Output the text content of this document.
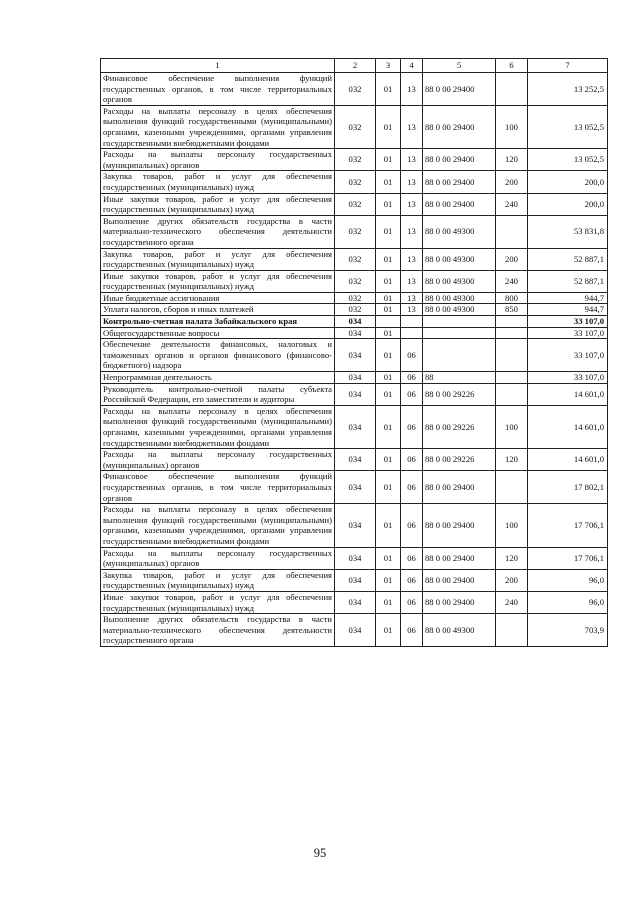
1	2	3	4	5	6	7
Финансовое обеспечение выполнения функций государственных органов, в том числе территориальных органов	032	01	13	88 0 00 29400		13 252,5
Расходы на выплаты персоналу в целях обеспечения выполнения функций государственными (муниципальными) органами, казенными учреждениями, органами управления государственными внебюджетными фондами	032	01	13	88 0 00 29400	100	13 052,5
Расходы на выплаты персоналу государственных (муниципальных) органов	032	01	13	88 0 00 29400	120	13 052,5
Закупка товаров, работ и услуг для обеспечения государственных (муниципальных) нужд	032	01	13	88 0 00 29400	200	200,0
Иные закупки товаров, работ и услуг для обеспечения государственных (муниципальных) нужд	032	01	13	88 0 00 29400	240	200,0
Выполнение других обязательств государства в части материально-технического обеспечения деятельности государственного органа	032	01	13	88 0 00 49300		53 831,8
Закупка товаров, работ и услуг для обеспечения государственных (муниципальных) нужд	032	01	13	88 0 00 49300	200	52 887,1
Иные закупки товаров, работ и услуг для обеспечения государственных (муниципальных) нужд	032	01	13	88 0 00 49300	240	52 887,1
Иные бюджетные ассигнования	032	01	13	88 0 00 49300	800	944,7
Уплата налогов, сборов и иных платежей	032	01	13	88 0 00 49300	850	944,7
Контрольно-счетная палата Забайкальского края	034					33 107,0
Общегосударственные вопросы	034	01				33 107,0
Обеспечение деятельности финансовых, налоговых и таможенных органов и органов финансового (финансово-бюджетного) надзора	034	01	06			33 107,0
Непрограммная деятельность	034	01	06	88		33 107,0
Руководитель контрольно-счетной палаты субъекта Российской Федерации, его заместители и аудиторы	034	01	06	88 0 00 29226		14 601,0
Расходы на выплаты персоналу в целях обеспечения выполнения функций государственными (муниципальными) органами, казенными учреждениями, органами управления государственными внебюджетными фондами	034	01	06	88 0 00 29226	100	14 601,0
Расходы на выплаты персоналу государственных (муниципальных) органов	034	01	06	88 0 00 29226	120	14 601,0
Финансовое обеспечение выполнения функций государственных органов, в том числе территориальных органов	034	01	06	88 0 00 29400		17 802,1
Расходы на выплаты персоналу в целях обеспечения выполнения функций государственными (муниципальными) органами, казенными учреждениями, органами управления государственными внебюджетными фондами	034	01	06	88 0 00 29400	100	17 706,1
Расходы на выплаты персоналу государственных (муниципальных) органов	034	01	06	88 0 00 29400	120	17 706,1
Закупка товаров, работ и услуг для обеспечения государственных (муниципальных) нужд	034	01	06	88 0 00 29400	200	96,0
Иные закупки товаров, работ и услуг для обеспечения государственных (муниципальных) нужд	034	01	06	88 0 00 29400	240	96,0
Выполнение других обязательств государства в части материально-технического обеспечения деятельности государственного органа	034	01	06	88 0 00 49300		703,9
95
